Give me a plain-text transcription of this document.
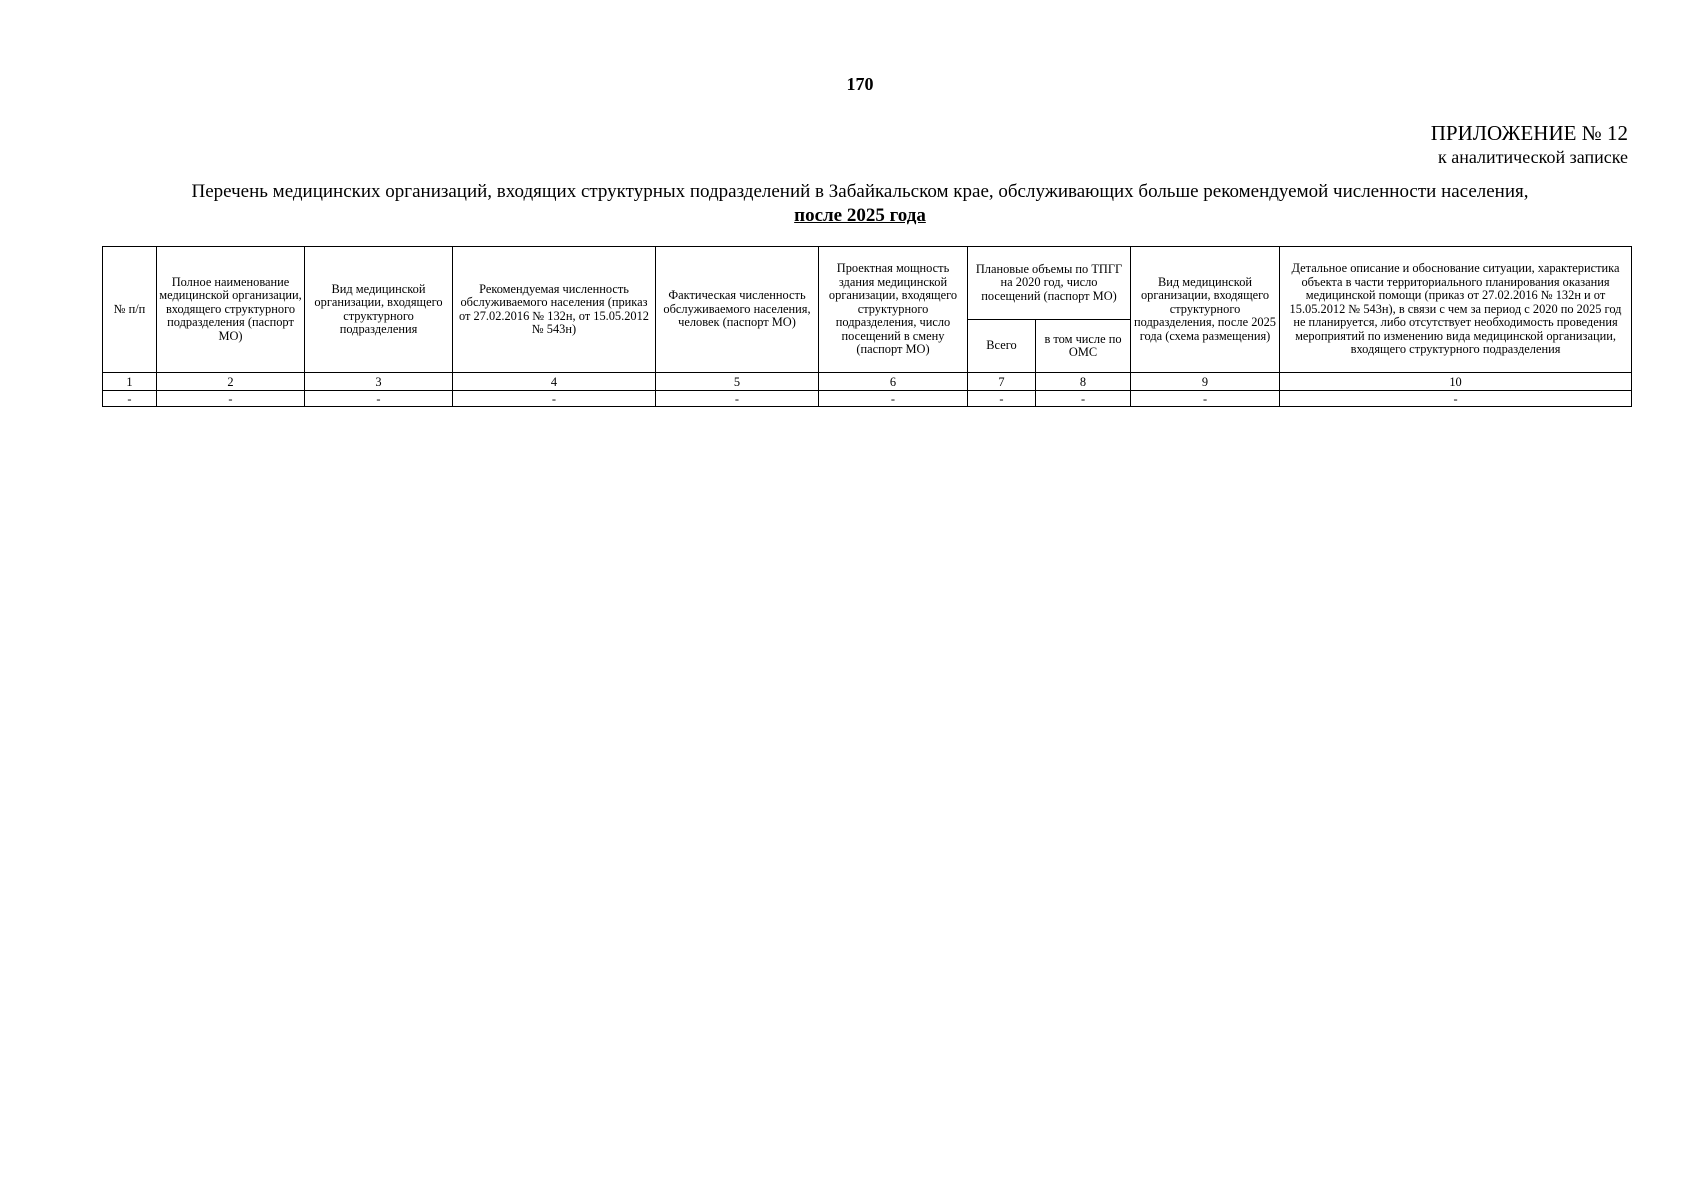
170
ПРИЛОЖЕНИЕ № 12
к аналитической записке
Перечень медицинских организаций, входящих структурных подразделений в Забайкальском крае, обслуживающих больше рекомендуемой численности населения,
после 2025 года
№ п/п	Полное наименование медицинской организации, входящего структурного подразделения (паспорт МО)	Вид медицинской организации, входящего структурного подразделения	Рекомендуемая численность обслуживаемого населения (приказ от 27.02.2016 № 132н, от 15.05.2012 № 543н)	Фактическая численность обслуживаемого населения, человек (паспорт МО)	Проектная мощность здания медицинской организации, входящего структурного подразделения, число посещений в смену (паспорт МО)	Плановые объемы по ТПГГ на 2020 год, число посещений (паспорт МО)		Вид медицинской организации, входящего структурного подразделения, после 2025 года (схема размещения)	Детальное описание и обоснование ситуации, характеристика объекта в части территориального планирования оказания медицинской помощи (приказ от 27.02.2016 № 132н и от 15.05.2012 № 543н), в связи с чем за период с 2020 по 2025 год не планируется, либо отсутствует необходимость проведения мероприятий по изменению вида медицинской организации, входящего структурного подразделения
						Всего	в том числе по ОМС		
1	2	3	4	5	6	7	8	9	10
-	-	-	-	-	-	-	-	-	-
